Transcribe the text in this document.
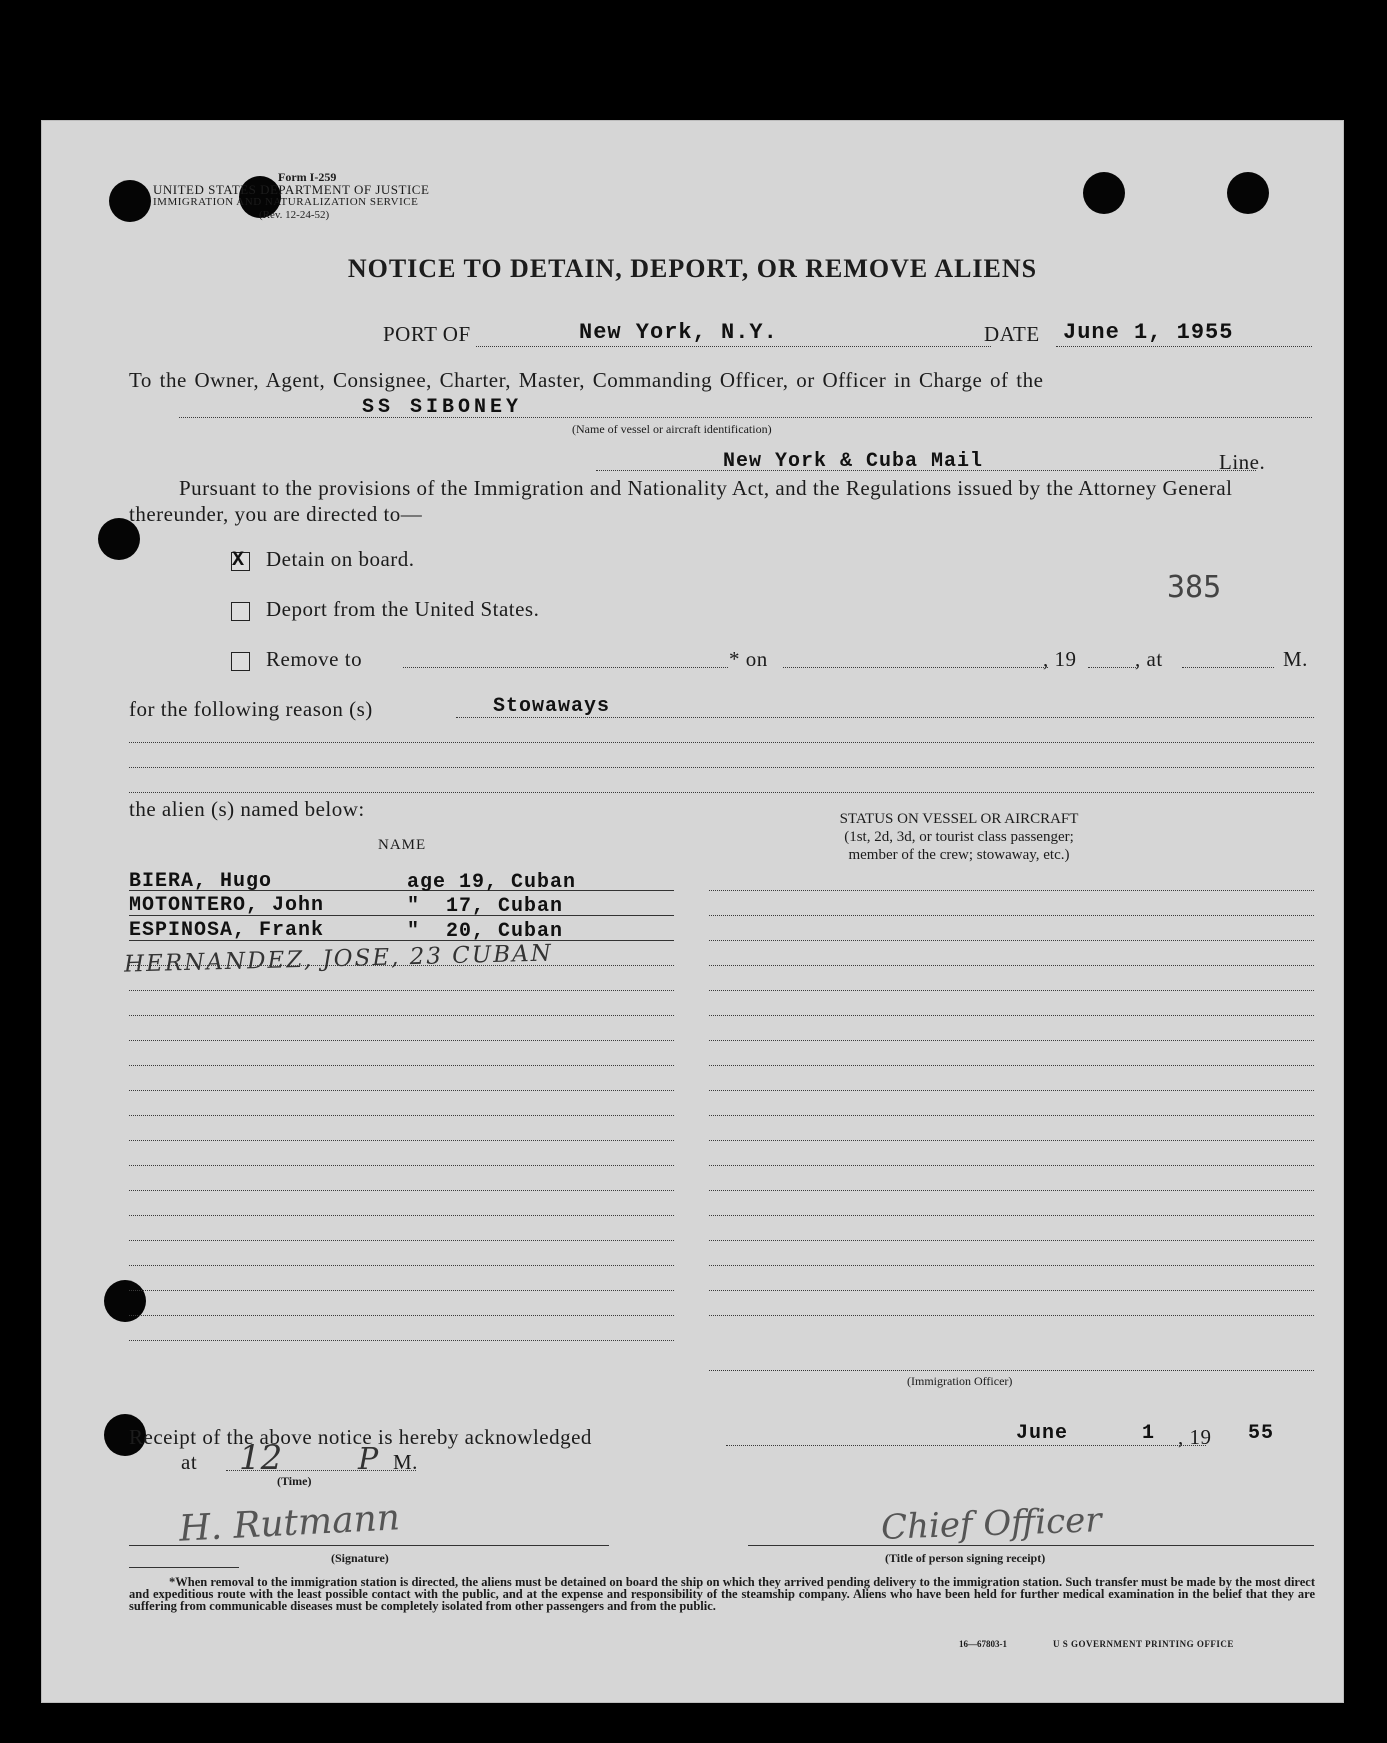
Form I-259
UNITED STATES DEPARTMENT OF JUSTICE
IMMIGRATION AND NATURALIZATION SERVICE
(Rev. 12-24-52)
NOTICE TO DETAIN, DEPORT, OR REMOVE ALIENS
PORT OF	New York, N.Y.	DATE June 1, 1955
To the Owner, Agent, Consignee, Charter, Master, Commanding Officer, or Officer in Charge of the
SS SIBONEY
(Name of vessel or aircraft identification)
New York & Cuba Mail	Line.
Pursuant to the provisions of the Immigration and Nationality Act, and the Regulations issued by the Attorney General thereunder, you are directed to—
X Detain on board.
385
Deport from the United States.
Remove to	* on	, 19	, at	M.
for the following reason (s)	Stowaways
the alien (s) named below:
NAME
STATUS ON VESSEL OR AIRCRAFT
(1st, 2d, 3d, or tourist class passenger;
member of the crew; stowaway, etc.)
(Immigration Officer)
BIERA, Hugo	age 19, Cuban
MOTONTERO, John	"  17, Cuban
ESPINOSA, Frank	"  20, Cuban
HERNANDEZ, JOSE, 23 CUBAN
Receipt of the above notice is hereby acknowledged	June	1 , 19 55
at 12
(Time)
P M.
H. Rutmann
(Signature)
Chief Officer
(Title of person signing receipt)
*When removal to the immigration station is directed, the aliens must be detained on board the ship on which they arrived pending delivery to the immigration station. Such transfer must be made by the most direct and expeditious route with the least possible contact with the public, and at the expense and responsibility of the steamship company. Aliens who have been held for further medical examination in the belief that they are suffering from communicable diseases must be completely isolated from other passengers and from the public.
16—67803-1	U S GOVERNMENT PRINTING OFFICE
